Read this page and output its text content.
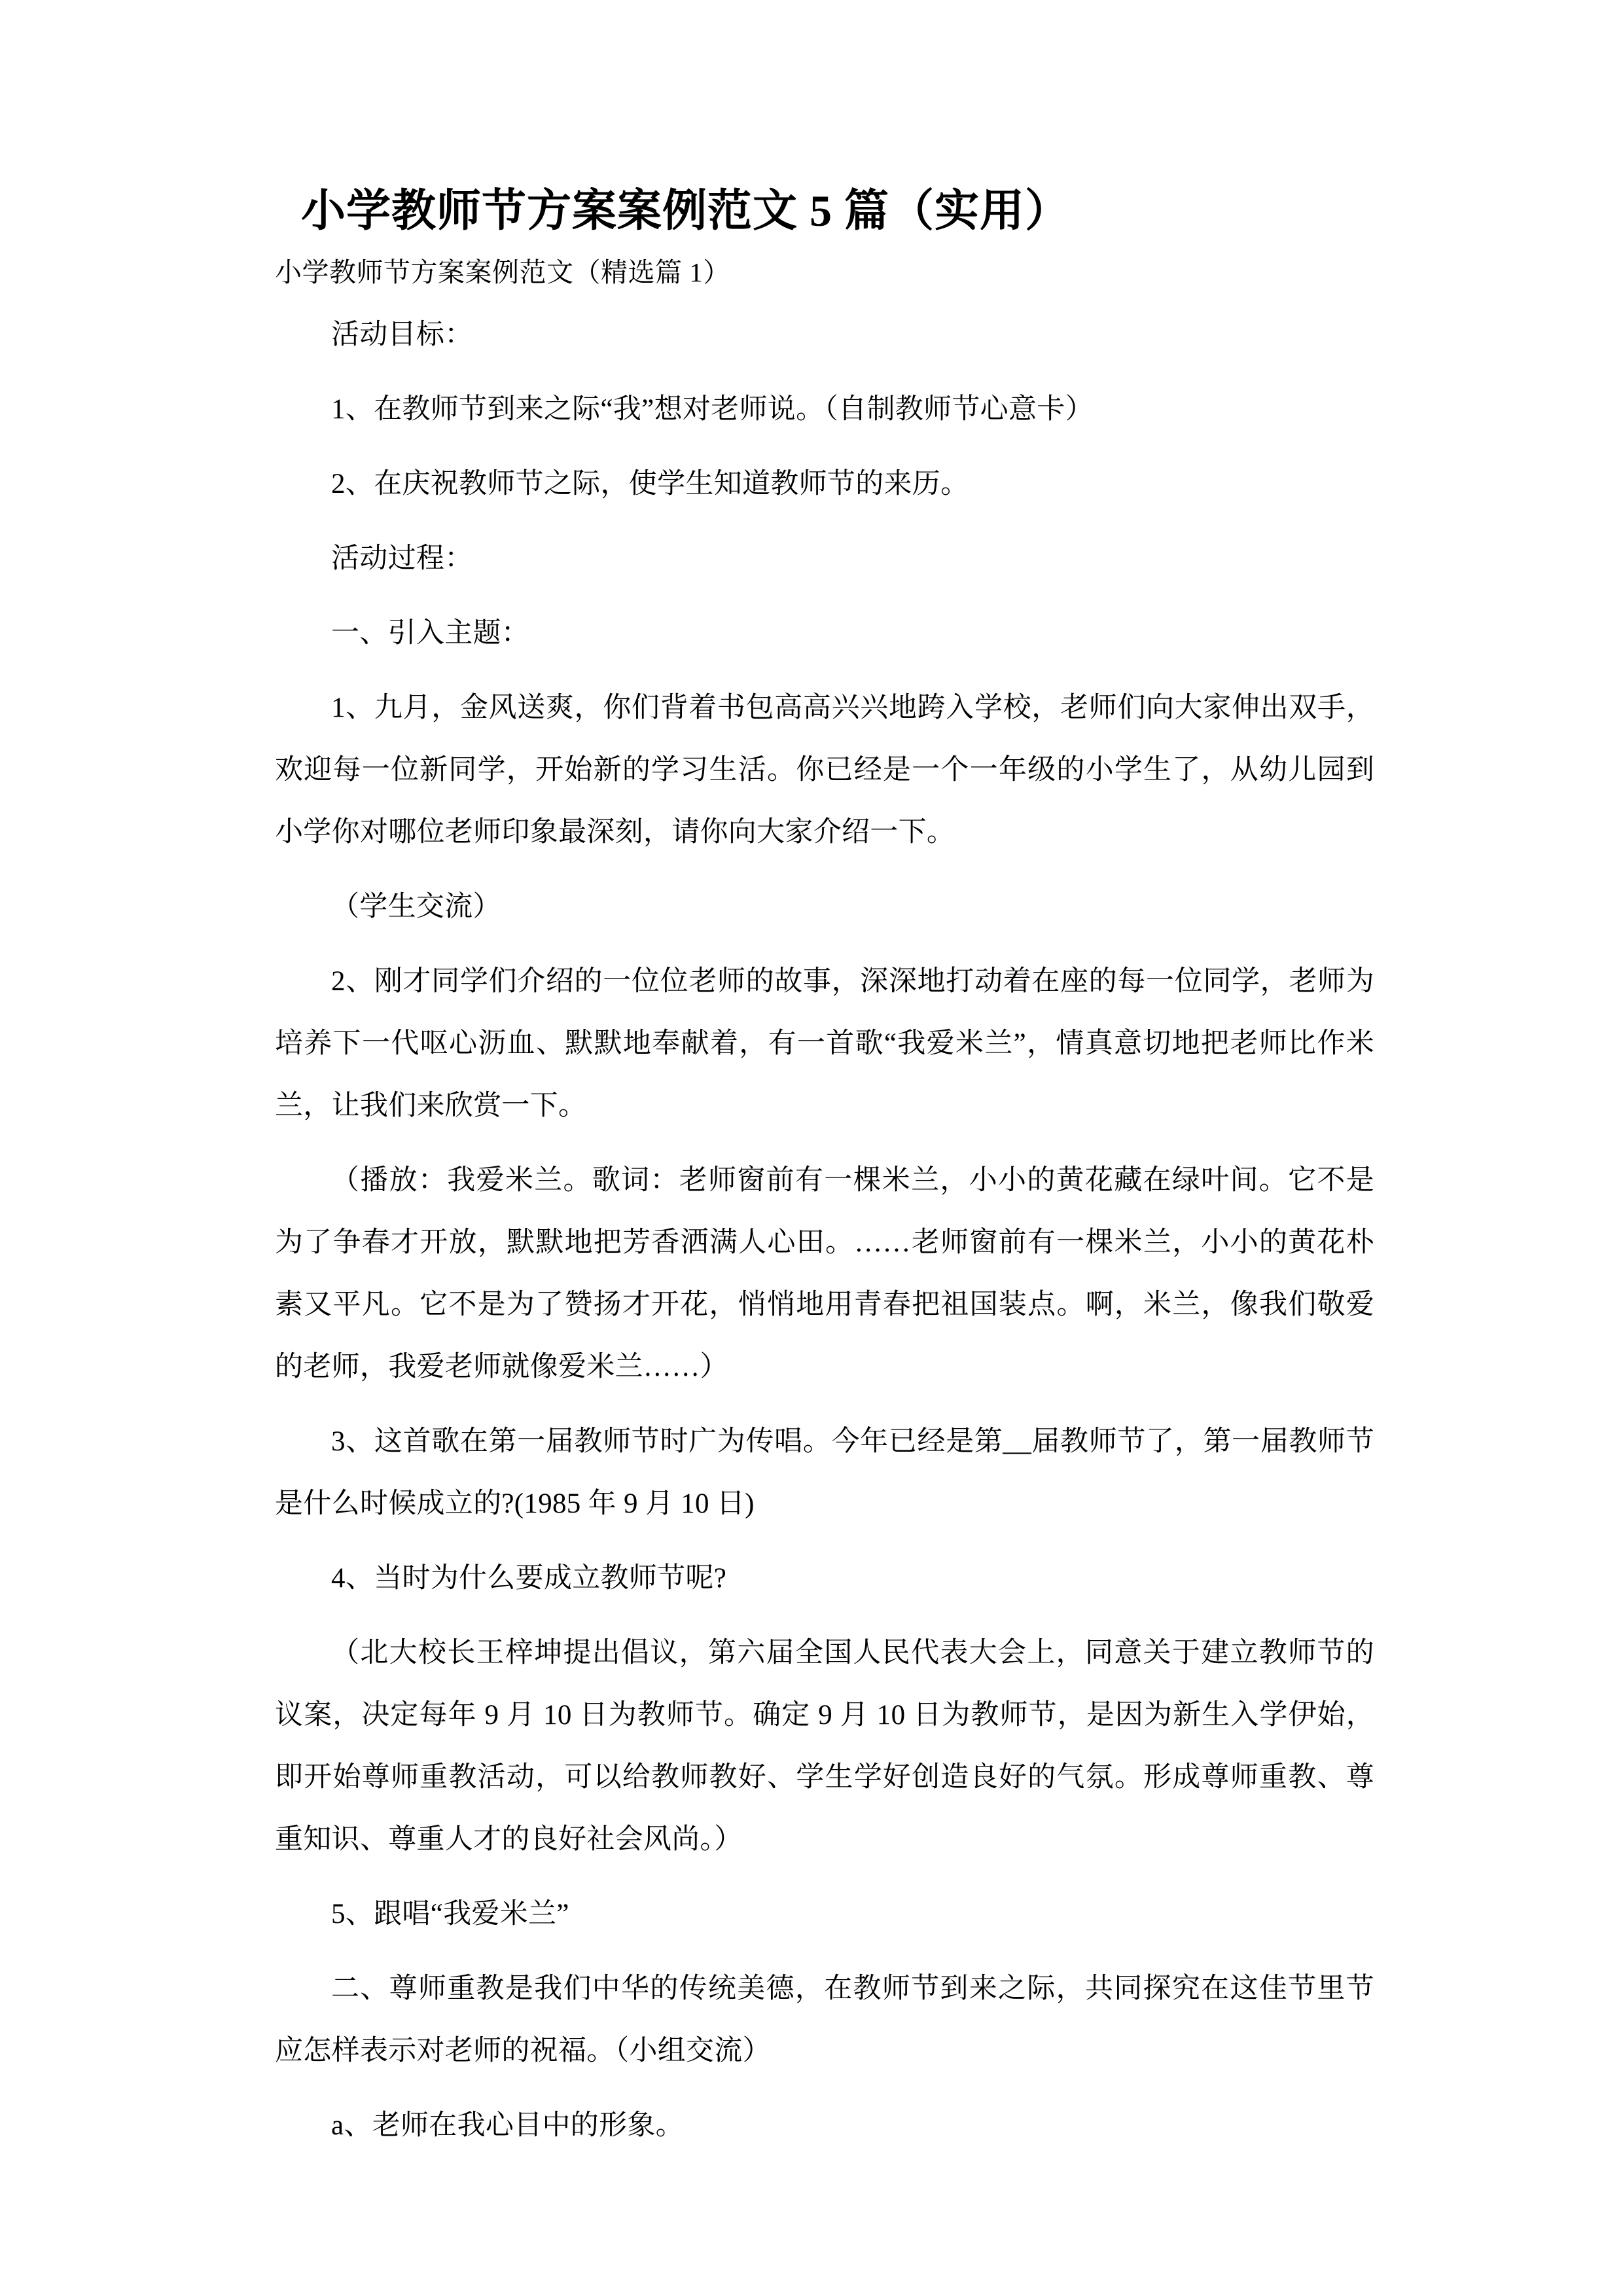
小学教师节方案案例范文 5 篇（实用）

小学教师节方案案例范文（精选篇 1）

活动目标：

1、在教师节到来之际“我”想对老师说。（自制教师节心意卡）

2、在庆祝教师节之际，使学生知道教师节的来历。

活动过程：

一、引入主题：

1、九月，金风送爽，你们背着书包高高兴兴地跨入学校，老师们向大家伸出双手，欢迎每一位新同学，开始新的学习生活。你已经是一个一年级的小学生了，从幼儿园到小学你对哪位老师印象最深刻，请你向大家介绍一下。

（学生交流）

2、刚才同学们介绍的一位位老师的故事，深深地打动着在座的每一位同学，老师为培养下一代呕心沥血、默默地奉献着，有一首歌“我爱米兰”，情真意切地把老师比作米兰，让我们来欣赏一下。

（播放：我爱米兰。歌词：老师窗前有一棵米兰，小小的黄花藏在绿叶间。它不是为了争春才开放，默默地把芳香洒满人心田。……老师窗前有一棵米兰，小小的黄花朴素又平凡。它不是为了赞扬才开花，悄悄地用青春把祖国装点。啊，米兰，像我们敬爱的老师，我爱老师就像爱米兰……）

3、这首歌在第一届教师节时广为传唱。今年已经是第__届教师节了，第一届教师节是什么时候成立的?(1985 年 9 月 10 日)

4、当时为什么要成立教师节呢?

（北大校长王梓坤提出倡议，第六届全国人民代表大会上，同意关于建立教师节的议案，决定每年 9 月 10 日为教师节。确定 9 月 10 日为教师节，是因为新生入学伊始，即开始尊师重教活动，可以给教师教好、学生学好创造良好的气氛。形成尊师重教、尊重知识、尊重人才的良好社会风尚。）

5、跟唱“我爱米兰”

二、尊师重教是我们中华的传统美德，在教师节到来之际，共同探究在这佳节里节应怎样表示对老师的祝福。（小组交流）

a、老师在我心目中的形象。
